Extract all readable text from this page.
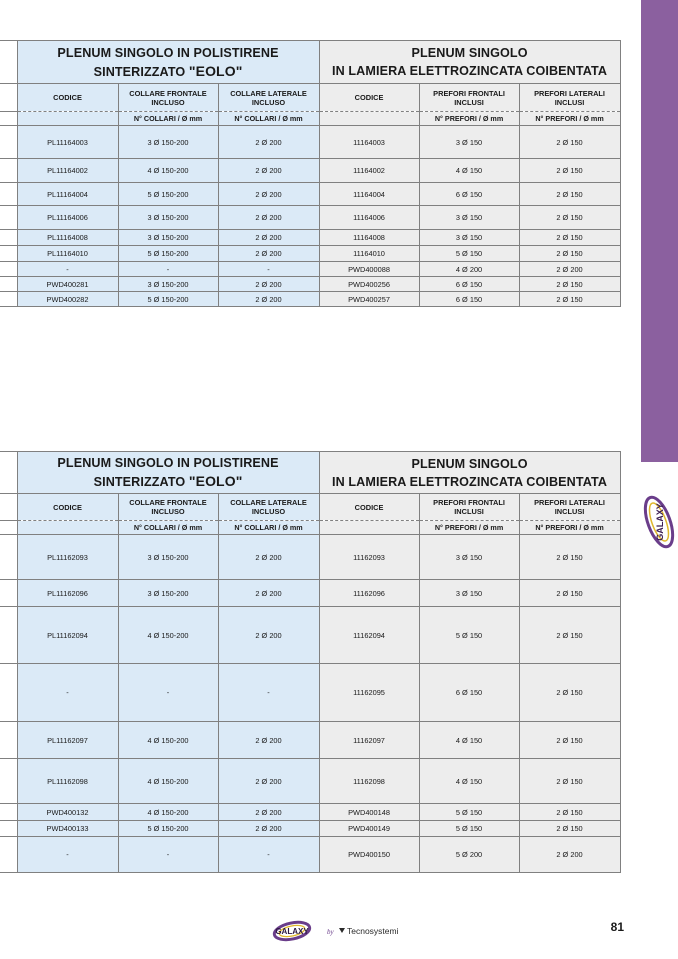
GALAXY
	PLENUM SINGOLO IN POLISTIRENE
SINTERIZZATO "EOLO"			PLENUM SINGOLO
IN LAMIERA ELETTROZINCATA COIBENTATA		
	CODICE	COLLARE FRONTALE INCLUSO	COLLARE LATERALE INCLUSO	CODICE	PREFORI FRONTALI INCLUSI	PREFORI LATERALI INCLUSI
		N° COLLARI / Ø mm	N° COLLARI / Ø mm		N° PREFORI / Ø mm	N° PREFORI / Ø mm
	PL11164003	3 Ø 150-200	2 Ø 200	11164003	3 Ø 150	2 Ø 150
	PL11164002	4 Ø 150-200	2 Ø 200	11164002	4 Ø 150	2 Ø 150
	PL11164004	5 Ø 150-200	2 Ø 200	11164004	6 Ø 150	2 Ø 150
	PL11164006	3 Ø 150-200	2 Ø 200	11164006	3 Ø 150	2 Ø 150
	PL11164008	3 Ø 150-200	2 Ø 200	11164008	3 Ø 150	2 Ø 150
	PL11164010	5 Ø 150-200	2 Ø 200	11164010	5 Ø 150	2 Ø 150
	-	-	-	PWD400088	4 Ø 200	2 Ø 200
	PWD400281	3 Ø 150-200	2 Ø 200	PWD400256	6 Ø 150	2 Ø 150
	PWD400282	5 Ø 150-200	2 Ø 200	PWD400257	6 Ø 150	2 Ø 150
	PLENUM SINGOLO IN POLISTIRENE
SINTERIZZATO "EOLO"			PLENUM SINGOLO
IN LAMIERA ELETTROZINCATA COIBENTATA		
	CODICE	COLLARE FRONTALE INCLUSO	COLLARE LATERALE INCLUSO	CODICE	PREFORI FRONTALI INCLUSI	PREFORI LATERALI INCLUSI
		N° COLLARI / Ø mm	N° COLLARI / Ø mm		N° PREFORI / Ø mm	N° PREFORI / Ø mm
	PL11162093	3 Ø 150-200	2 Ø 200	11162093	3 Ø 150	2 Ø 150
	PL11162096	3 Ø 150-200	2 Ø 200	11162096	3 Ø 150	2 Ø 150
	PL11162094	4 Ø 150-200	2 Ø 200	11162094	5 Ø 150	2 Ø 150
	-	-	-	11162095	6 Ø 150	2 Ø 150
	PL11162097	4 Ø 150-200	2 Ø 200	11162097	4 Ø 150	2 Ø 150
	PL11162098	4 Ø 150-200	2 Ø 200	11162098	4 Ø 150	2 Ø 150
	PWD400132	4 Ø 150-200	2 Ø 200	PWD400148	5 Ø 150	2 Ø 150
	PWD400133	5 Ø 150-200	2 Ø 200	PWD400149	5 Ø 150	2 Ø 150
	-	-	-	PWD400150	5 Ø 200	2 Ø 200
GALAXY	by Tecnosystemi	81
